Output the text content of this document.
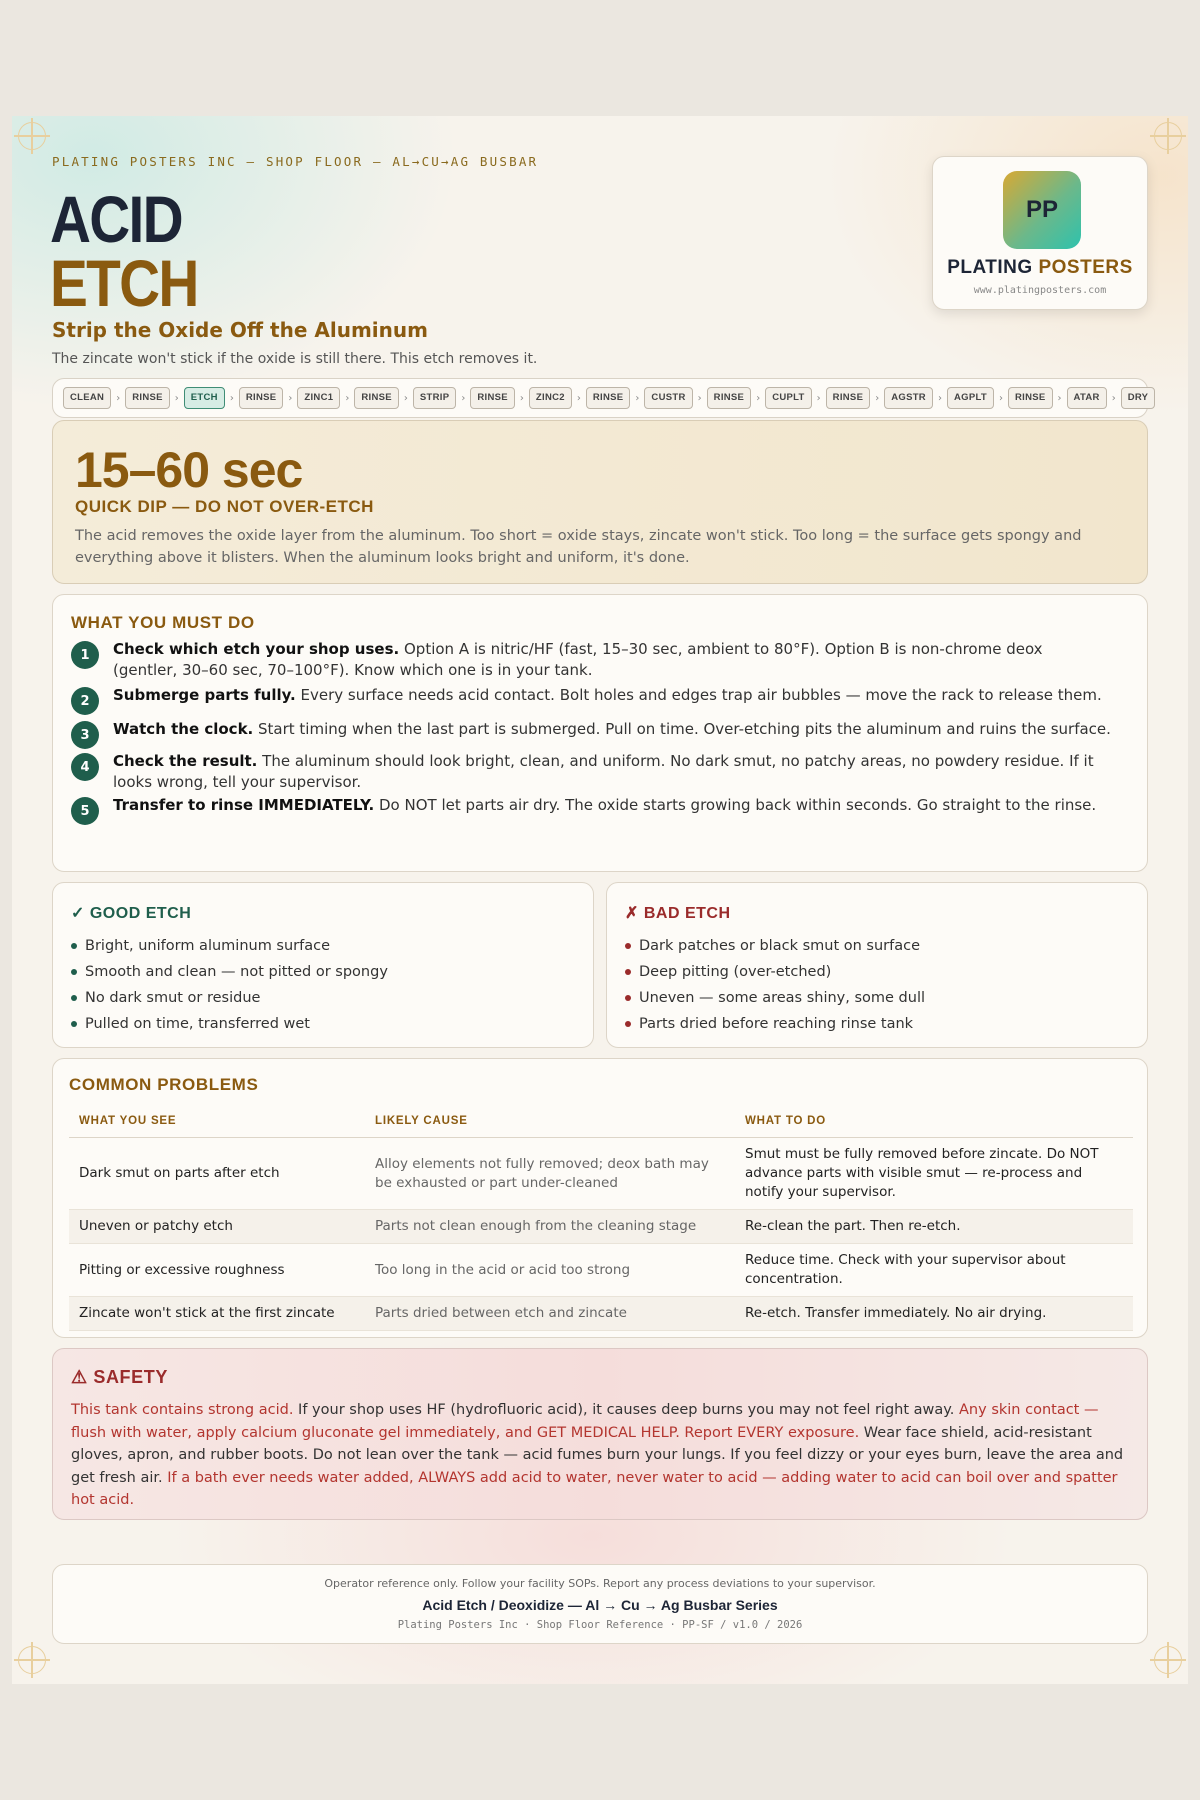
PLATING POSTERS INC — SHOP FLOOR — AL→CU→AG BUSBAR
ACID
ETCH
Strip the Oxide Off the Aluminum
The zincate won't stick if the oxide is still there. This etch removes it.
PP
PLATING POSTERS
www.platingposters.com
CLEAN	›	RINSE	›	ETCH	›	RINSE	›	ZINC1	›	RINSE	›	STRIP	›	RINSE	›	ZINC2	›	RINSE	›	CUSTR	›	RINSE	›	CUPLT	›	RINSE	›	AGSTR	›	AGPLT	›	RINSE	›	ATAR	›	DRY
15–60 sec
QUICK DIP — DO NOT OVER-ETCH
The acid removes the oxide layer from the aluminum. Too short = oxide stays, zincate won't stick. Too long = the surface gets spongy and everything above it blisters. When the aluminum looks bright and uniform, it's done.
WHAT YOU MUST DO
1	Check which etch your shop uses. Option A is nitric/HF (fast, 15–30 sec, ambient to 80°F). Option B is non-chrome deox (gentler, 30–60 sec, 70–100°F). Know which one is in your tank.
2	Submerge parts fully. Every surface needs acid contact. Bolt holes and edges trap air bubbles — move the rack to release them.
3	Watch the clock. Start timing when the last part is submerged. Pull on time. Over-etching pits the aluminum and ruins the surface.
4	Check the result. The aluminum should look bright, clean, and uniform. No dark smut, no patchy areas, no powdery residue. If it looks wrong, tell your supervisor.
5	Transfer to rinse IMMEDIATELY. Do NOT let parts air dry. The oxide starts growing back within seconds. Go straight to the rinse.
✓ GOOD ETCH
Bright, uniform aluminum surface
Smooth and clean — not pitted or spongy
No dark smut or residue
Pulled on time, transferred wet
✗ BAD ETCH
Dark patches or black smut on surface
Deep pitting (over-etched)
Uneven — some areas shiny, some dull
Parts dried before reaching rinse tank
COMMON PROBLEMS
WHAT YOU SEE	LIKELY CAUSE	WHAT TO DO
Dark smut on parts after etch	Alloy elements not fully removed; deox bath may be exhausted or part under-cleaned	Smut must be fully removed before zincate. Do NOT advance parts with visible smut — re-process and notify your supervisor.
Uneven or patchy etch	Parts not clean enough from the cleaning stage	Re-clean the part. Then re-etch.
Pitting or excessive roughness	Too long in the acid or acid too strong	Reduce time. Check with your supervisor about concentration.
Zincate won't stick at the first zincate	Parts dried between etch and zincate	Re-etch. Transfer immediately. No air drying.
⚠ SAFETY
This tank contains strong acid. If your shop uses HF (hydrofluoric acid), it causes deep burns you may not feel right away. Any skin contact — flush with water, apply calcium gluconate gel immediately, and GET MEDICAL HELP. Report EVERY exposure. Wear face shield, acid-resistant gloves, apron, and rubber boots. Do not lean over the tank — acid fumes burn your lungs. If you feel dizzy or your eyes burn, leave the area and get fresh air. If a bath ever needs water added, ALWAYS add acid to water, never water to acid — adding water to acid can boil over and spatter hot acid.
Operator reference only. Follow your facility SOPs. Report any process deviations to your supervisor.
Acid Etch / Deoxidize — Al → Cu → Ag Busbar Series
Plating Posters Inc · Shop Floor Reference · PP-SF / v1.0 / 2026
